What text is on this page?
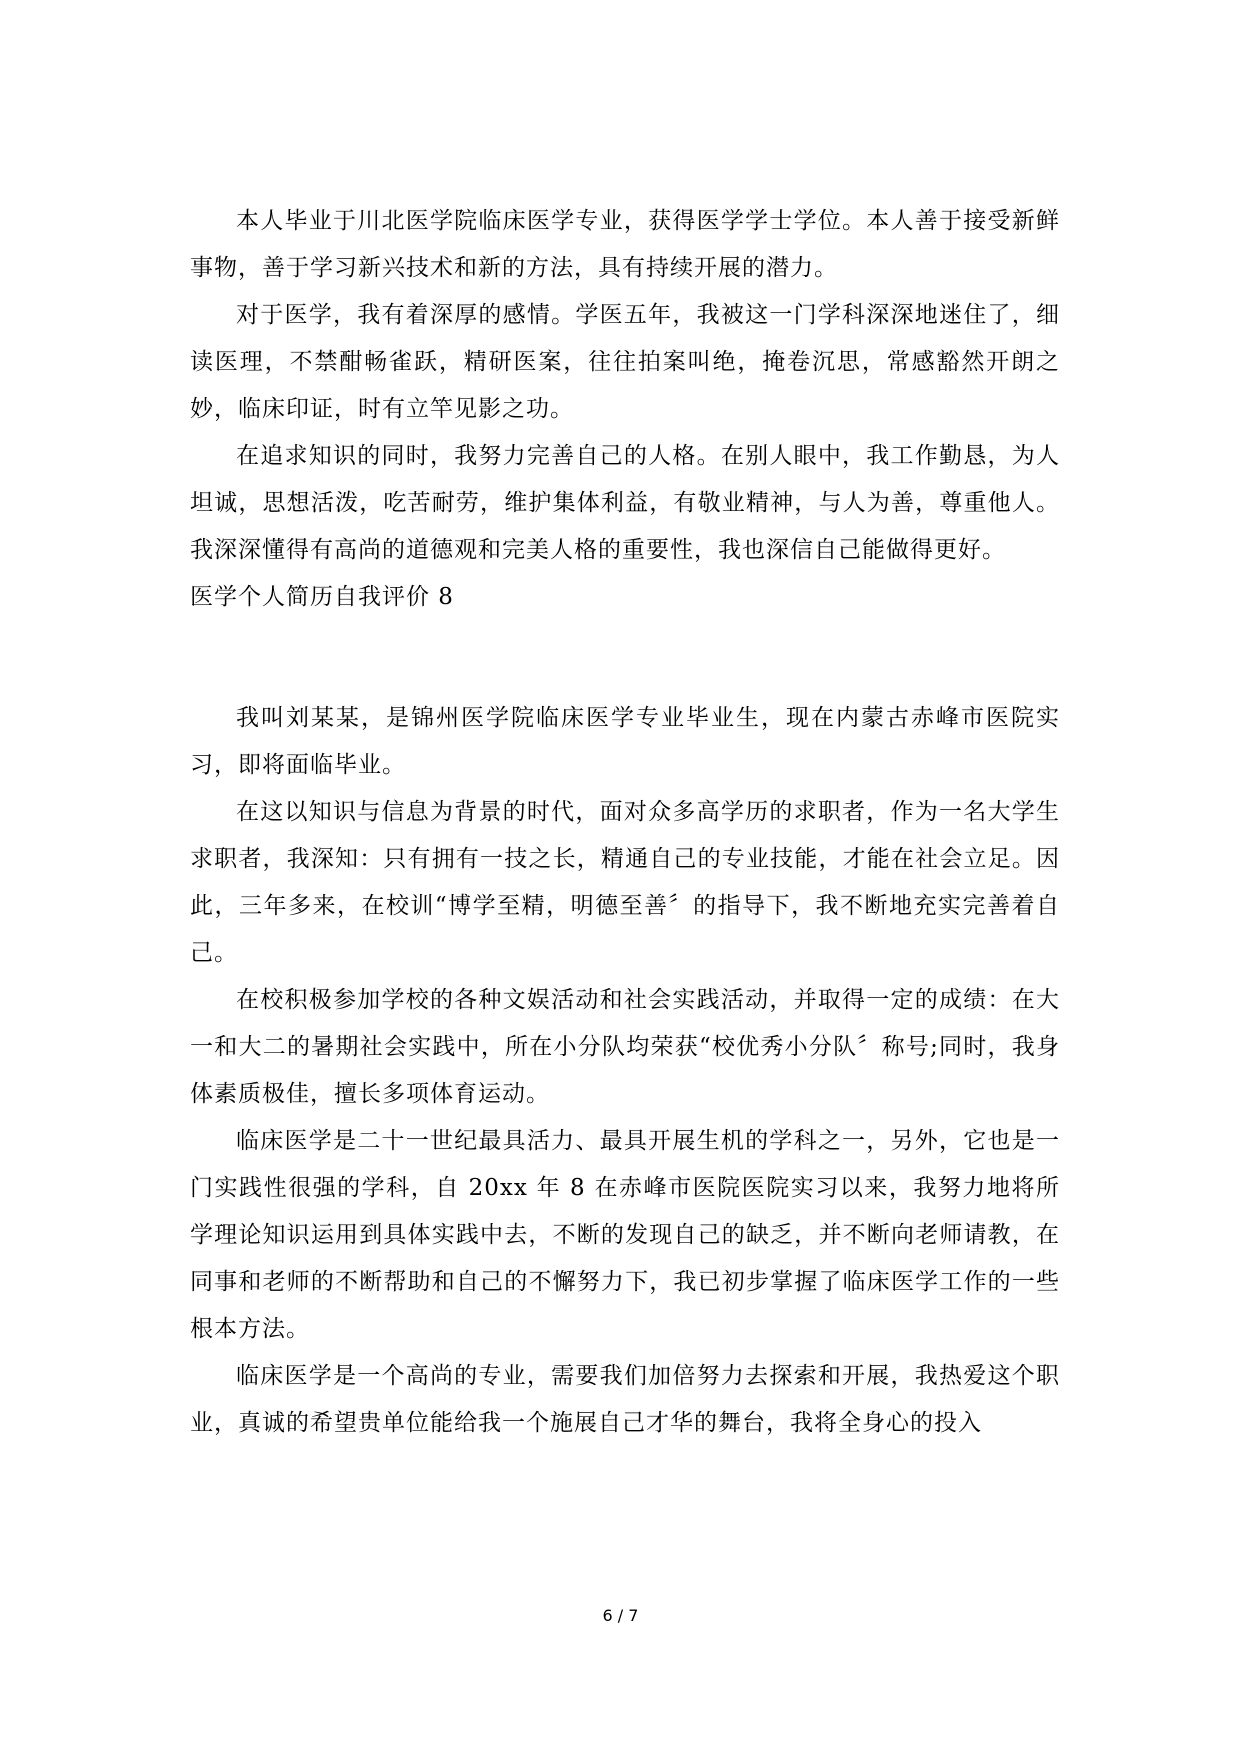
本人毕业于川北医学院临床医学专业，获得医学学士学位。本人善于接受新鲜事物，善于学习新兴技术和新的方法，具有持续开展的潜力。

对于医学，我有着深厚的感情。学医五年，我被这一门学科深深地迷住了，细读医理，不禁酣畅雀跃，精研医案，往往拍案叫绝，掩卷沉思，常感豁然开朗之妙，临床印证，时有立竿见影之功。

在追求知识的同时，我努力完善自己的人格。在别人眼中，我工作勤恳，为人坦诚，思想活泼，吃苦耐劳，维护集体利益，有敬业精神，与人为善，尊重他人。我深深懂得有高尚的道德观和完美人格的重要性，我也深信自己能做得更好。

医学个人简历自我评价 8

我叫刘某某，是锦州医学院临床医学专业毕业生，现在内蒙古赤峰市医院实习，即将面临毕业。

在这以知识与信息为背景的时代，面对众多高学历的求职者，作为一名大学生求职者，我深知：只有拥有一技之长，精通自己的专业技能，才能在社会立足。因此，三年多来，在校训“博学至精，明德至善〞的指导下，我不断地充实完善着自己。

在校积极参加学校的各种文娱活动和社会实践活动，并取得一定的成绩：在大一和大二的暑期社会实践中，所在小分队均荣获“校优秀小分队〞称号;同时，我身体素质极佳，擅长多项体育运动。

临床医学是二十一世纪最具活力、最具开展生机的学科之一，另外，它也是一门实践性很强的学科，自 20xx 年 8 在赤峰市医院医院实习以来，我努力地将所学理论知识运用到具体实践中去，不断的发现自己的缺乏，并不断向老师请教，在同事和老师的不断帮助和自己的不懈努力下，我已初步掌握了临床医学工作的一些根本方法。

临床医学是一个高尚的专业，需要我们加倍努力去探索和开展，我热爱这个职业，真诚的希望贵单位能给我一个施展自己才华的舞台，我将全身心的投入

6 / 7
